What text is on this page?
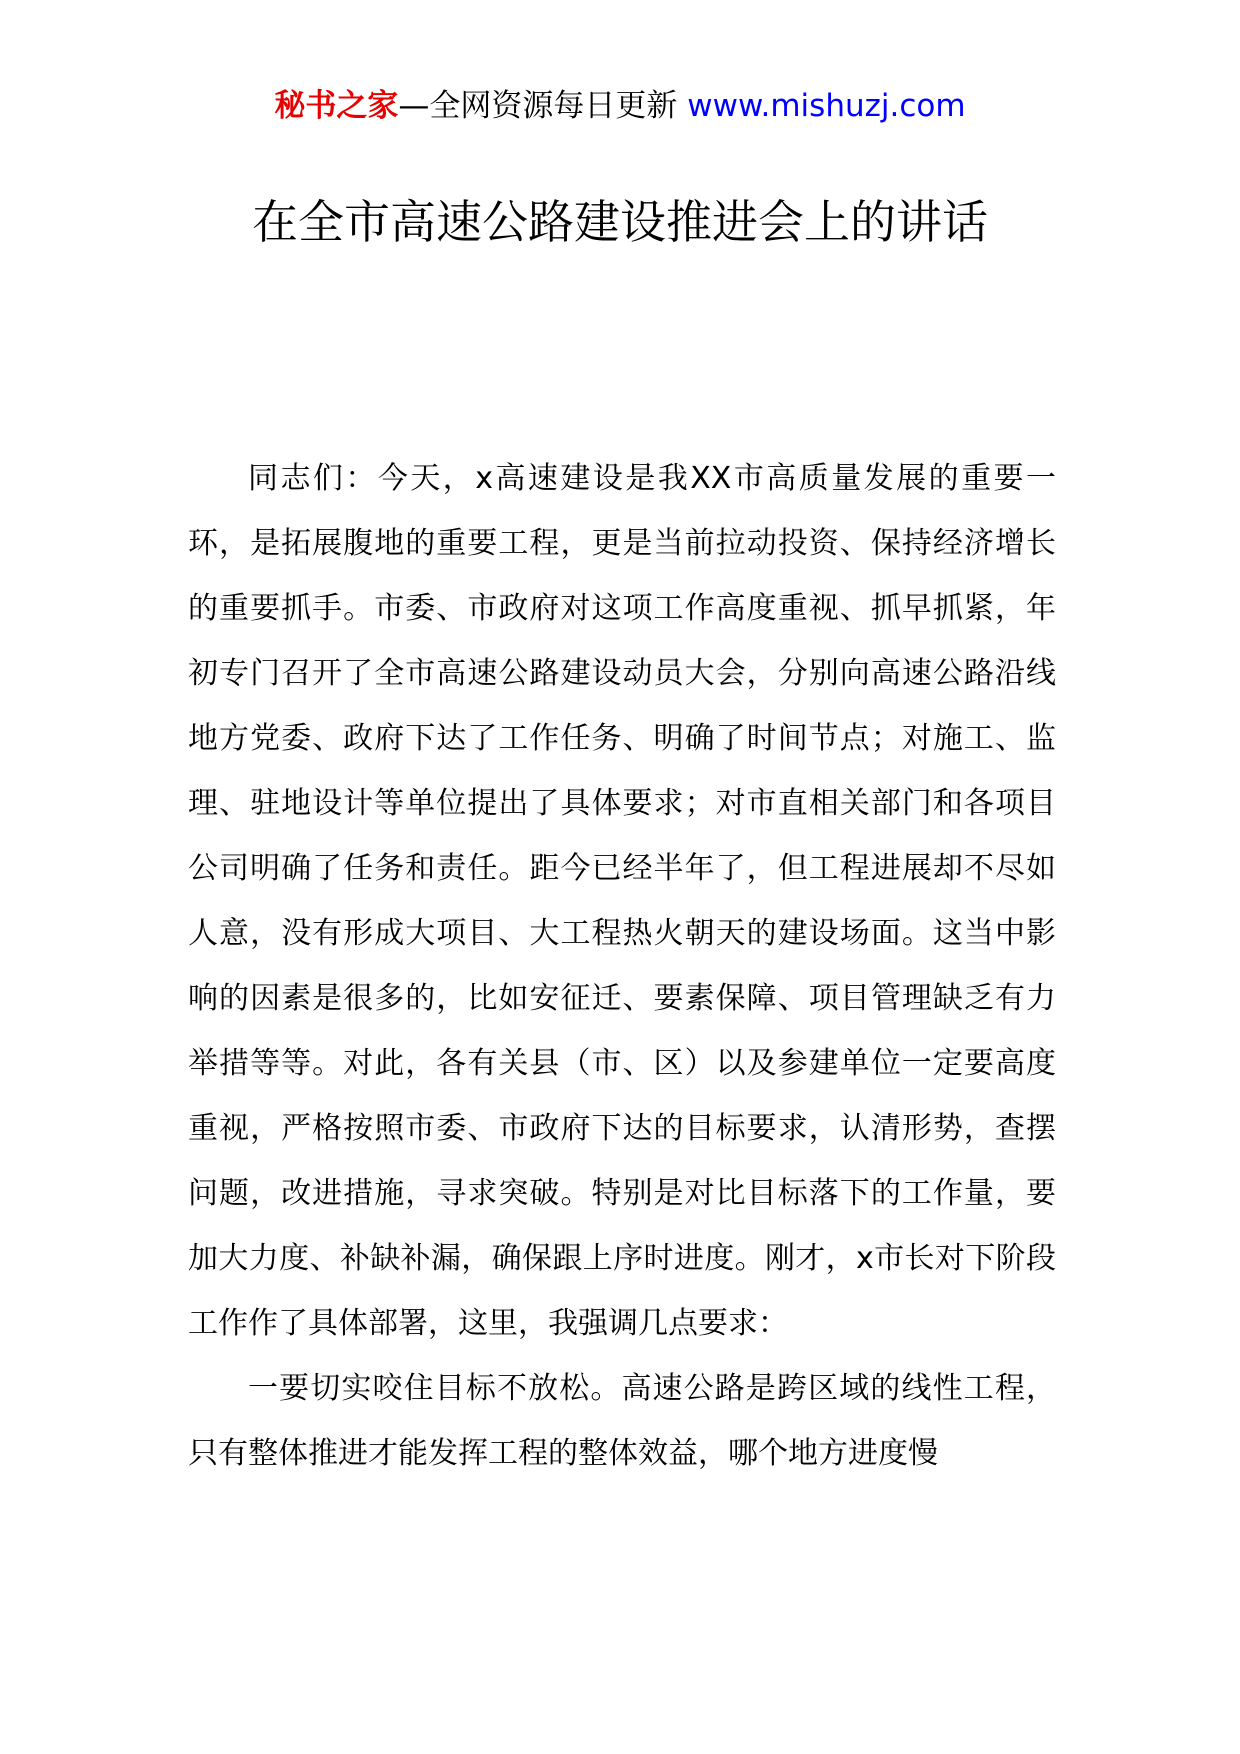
秘书之家—全网资源每日更新 www.mishuzj.com
在全市高速公路建设推进会上的讲话

同志们：今天，x高速建设是我XX市高质量发展的重要一环，是拓展腹地的重要工程，更是当前拉动投资、保持经济增长的重要抓手。市委、市政府对这项工作高度重视、抓早抓紧，年初专门召开了全市高速公路建设动员大会，分别向高速公路沿线地方党委、政府下达了工作任务、明确了时间节点；对施工、监理、驻地设计等单位提出了具体要求；对市直相关部门和各项目公司明确了任务和责任。距今已经半年了，但工程进展却不尽如人意，没有形成大项目、大工程热火朝天的建设场面。这当中影响的因素是很多的，比如安征迁、要素保障、项目管理缺乏有力举措等等。对此，各有关县（市、区）以及参建单位一定要高度重视，严格按照市委、市政府下达的目标要求，认清形势，查摆问题，改进措施，寻求突破。特别是对比目标落下的工作量，要加大力度、补缺补漏，确保跟上序时进度。刚才，x市长对下阶段工作作了具体部署，这里，我强调几点要求：

一要切实咬住目标不放松。高速公路是跨区域的线性工程，只有整体推进才能发挥工程的整体效益，哪个地方进度慢
